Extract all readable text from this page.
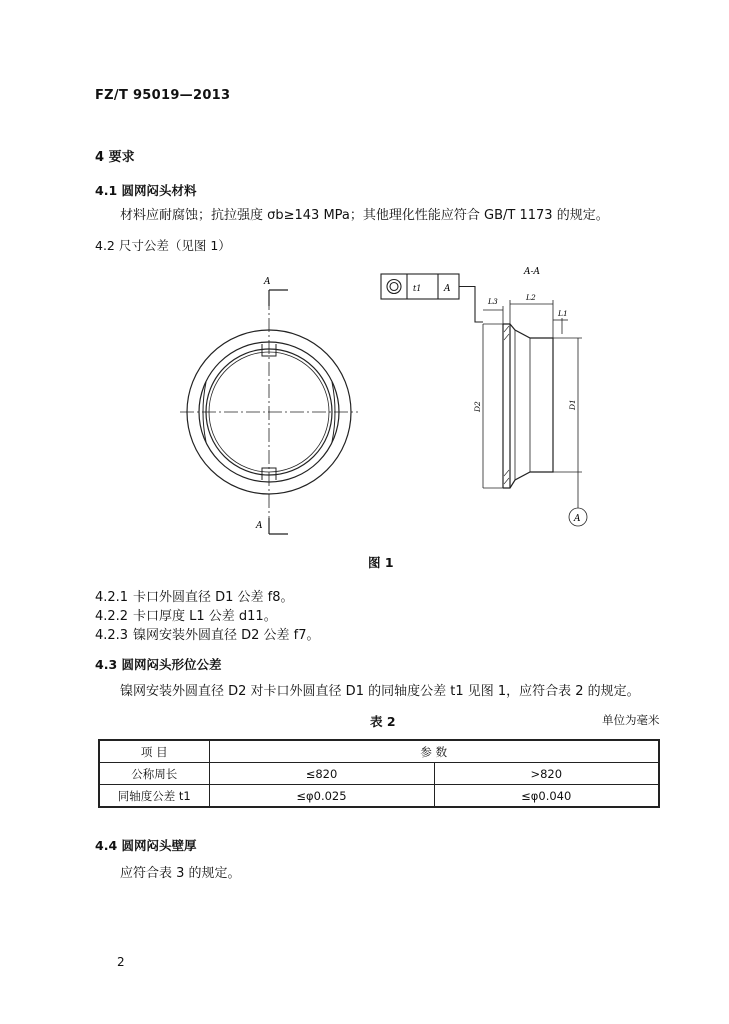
FZ/T 95019—2013
4 要求
4.1 圆网闷头材料
材料应耐腐蚀；抗拉强度 σb≥143 MPa；其他理化性能应符合 GB/T 1173 的规定。
4.2 尺寸公差（见图 1）
A
A
t1	A
A-A
L3	L2
L1
D2	D1
A
图 1
4.2.1 卡口外圆直径 D1 公差 f8。
4.2.2 卡口厚度 L1 公差 d11。
4.2.3 镍网安装外圆直径 D2 公差 f7。
4.3 圆网闷头形位公差
镍网安装外圆直径 D2 对卡口外圆直径 D1 的同轴度公差 t1 见图 1，应符合表 2 的规定。
表 2	单位为毫米
项 目	参 数	
公称周长	≤820	>820
同轴度公差 t1	≤φ0.025	≤φ0.040
4.4 圆网闷头壁厚
应符合表 3 的规定。
2
